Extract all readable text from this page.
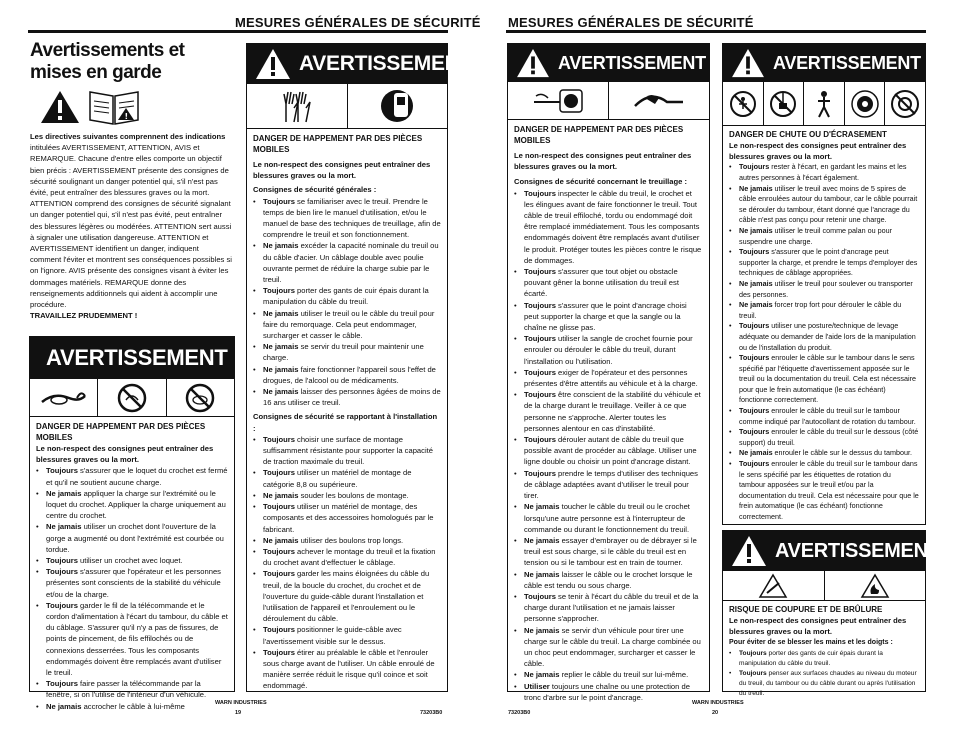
MESURES GÉNÉRALES DE SÉCURITÉ MESURES GÉNÉRALES DE SÉCURITÉ
Avertissements et mises en garde
!
Les directives suivantes comprennent des indications intitulées AVERTISSEMENT, ATTENTION, AVIS et REMARQUE. Chacune d'entre elles comporte un objectif bien précis : AVERTISSEMENT présente des consignes de sécurité soulignant un danger potentiel qui, s'il n'est pas évité, peut entraîner des blessures graves ou la mort. ATTENTION comprend des consignes de sécurité signalant un danger potentiel qui, s'il n'est pas évité, peut entraîner des blessures légères ou modérées. ATTENTION sert aussi à signaler une utilisation dangereuse. ATTENTION et AVERTISSEMENT identifient un danger, indiquent comment l'éviter et montrent ses conséquences possibles si on l'ignore. AVIS présente des consignes visant à éviter les dommages matériels. REMARQUE donne des renseignements additionnels qui aident à accomplir une procédure.
TRAVAILLEZ PRUDEMMENT !
AVERTISSEMENT
DANGER DE HAPPEMENT PAR DES PIÈCES MOBILES
Le non-respect des consignes peut entraîner des blessures graves ou la mort.
• Toujours s'assurer que le loquet du crochet est fermé et qu'il ne soutient aucune charge.
• Ne jamais appliquer la charge sur l'extrémité ou le loquet du crochet. Appliquer la charge uniquement au centre du crochet.
• Ne jamais utiliser un crochet dont l'ouverture de la gorge a augmenté ou dont l'extrémité est courbée ou tordue.
• Toujours utiliser un crochet avec loquet.
• Toujours s'assurer que l'opérateur et les personnes présentes sont conscients de la stabilité du véhicule et/ou de la charge.
• Toujours garder le fil de la télécommande et le cordon d'alimentation à l'écart du tambour, du câble et du câblage. S'assurer qu'il n'y a pas de fissures, de points de pincement, de fils effilochés ou de connexions desserrées. Tous les composants endommagés doivent être remplacés avant d'utiliser le treuil.
• Toujours faire passer la télécommande par la fenêtre, si on l'utilise de l'intérieur d'un véhicule.
• Ne jamais accrocher le câble à lui-même
AVERTISSEMENT
DANGER DE HAPPEMENT PAR DES PIÈCES MOBILES
Le non-respect des consignes peut entraîner des blessures graves ou la mort.
Consignes de sécurité générales :
• Toujours se familiariser avec le treuil. Prendre le temps de bien lire le manuel d'utilisation, et/ou le manuel de base des techniques de treuillage, afin de comprendre le treuil et son fonctionnement.
• Ne jamais excéder la capacité nominale du treuil ou du câble d'acier. Un câblage double avec poulie ouvrante permet de réduire la charge subie par le treuil.
• Toujours porter des gants de cuir épais durant la manipulation du câble du treuil.
• Ne jamais utiliser le treuil ou le câble du treuil pour faire du remorquage. Cela peut endommager, surcharger et casser le câble.
• Ne jamais se servir du treuil pour maintenir une charge.
• Ne jamais faire fonctionner l'appareil sous l'effet de drogues, de l'alcool ou de médicaments.
• Ne jamais laisser des personnes âgées de moins de 16 ans utiliser ce treuil.
Consignes de sécurité se rapportant à l'installation :
• Toujours choisir une surface de montage suffisamment résistante pour supporter la capacité de traction maximale du treuil.
• Toujours utiliser un matériel de montage de catégorie 8,8 ou supérieure.
• Ne jamais souder les boulons de montage.
• Toujours utiliser un matériel de montage, des composants et des accessoires homologués par le fabricant.
• Ne jamais utiliser des boulons trop longs.
• Toujours achever le montage du treuil et la fixation du crochet avant d'effectuer le câblage.
• Toujours garder les mains éloignées du câble du treuil, de la boucle du crochet, du crochet et de l'ouverture du guide-câble durant l'installation et l'utilisation de l'appareil et l'enroulement ou le déroulement du câble.
• Toujours positionner le guide-câble avec l'avertissement visible sur le dessus.
• Toujours étirer au préalable le câble et l'enrouler sous charge avant de l'utiliser. Un câble enroulé de manière serrée réduit le risque qu'il coince et soit endommagé.
WARN INDUSTRIES
19	73203B0
AVERTISSEMENT
DANGER DE HAPPEMENT PAR DES PIÈCES MOBILES
Le non-respect des consignes peut entraîner des blessures graves ou la mort.
Consignes de sécurité concernant le treuillage :
• Toujours inspecter le câble du treuil, le crochet et les élingues avant de faire fonctionner le treuil. Tout câble de treuil effiloché, tordu ou endommagé doit être remplacé immédiatement. Tous les composants endommagés doivent être remplacés avant d'utiliser le produit. Protéger toutes les pièces contre le risque de dommages.
• Toujours s'assurer que tout objet ou obstacle pouvant gêner la bonne utilisation du treuil est écarté.
• Toujours s'assurer que le point d'ancrage choisi peut supporter la charge et que la sangle ou la chaîne ne glisse pas.
• Toujours utiliser la sangle de crochet fournie pour enrouler ou dérouler le câble du treuil, durant l'installation ou l'utilisation.
• Toujours exiger de l'opérateur et des personnes présentes d'être attentifs au véhicule et à la charge.
• Toujours être conscient de la stabilité du véhicule et de la charge durant le treuillage. Veiller à ce que personne ne s'approche. Alerter toutes les personnes alentour en cas d'instabilité.
• Toujours dérouler autant de câble du treuil que possible avant de procéder au câblage. Utiliser une ligne double ou choisir un point d'ancrage distant.
• Toujours prendre le temps d'utiliser des techniques de câblage adaptées avant d'utiliser le treuil pour tirer.
• Ne jamais toucher le câble du treuil ou le crochet lorsqu'une autre personne est à l'interrupteur de commande ou durant le fonctionnement du treuil.
• Ne jamais essayer d'embrayer ou de débrayer si le treuil est sous charge, si le câble du treuil est en tension ou si le tambour est en train de tourner.
• Ne jamais laisser le câble ou le crochet lorsque le câble est tendu ou sous charge.
• Toujours se tenir à l'écart du câble du treuil et de la charge durant l'utilisation et ne jamais laisser personne s'approcher.
• Ne jamais se servir d'un véhicule pour tirer une charge sur le câble du treuil. La charge combinée ou un choc peut endommager, surcharger et casser le câble.
• Ne jamais replier le câble du treuil sur lui-même.
• Utiliser toujours une chaîne ou une protection de tronc d'arbre sur le point d'ancrage.
AVERTISSEMENT
DANGER DE CHUTE OU D'ÉCRASEMENT
Le non-respect des consignes peut entraîner des blessures graves ou la mort.
• Toujours rester à l'écart, en gardant les mains et les autres personnes à l'écart également.
• Ne jamais utiliser le treuil avec moins de 5 spires de câble enroulées autour du tambour, car le câble pourrait se dérouler du tambour, étant donné que l'ancrage du câble n'est pas conçu pour retenir une charge.
• Ne jamais utiliser le treuil comme palan ou pour suspendre une charge.
• Toujours s'assurer que le point d'ancrage peut supporter la charge, et prendre le temps d'employer des techniques de câblage appropriées.
• Ne jamais utiliser le treuil pour soulever ou transporter des personnes.
• Ne jamais forcer trop fort pour dérouler le câble du treuil.
• Toujours utiliser une posture/technique de levage adéquate ou demander de l'aide lors de la manipulation ou de l'installation du produit.
• Toujours enrouler le câble sur le tambour dans le sens spécifié par l'étiquette d'avertissement apposée sur le treuil ou la documentation du treuil. Cela est nécessaire pour que le frein automatique (le cas échéant) fonctionne correctement.
• Toujours enrouler le câble du treuil sur le tambour comme indiqué par l'autocollant de rotation du tambour.
• Toujours enrouler le câble du treuil sur le dessous (côté support) du treuil.
• Ne jamais enrouler le câble sur le dessus du tambour.
• Toujours enrouler le câble du treuil sur le tambour dans le sens spécifié par les étiquettes de rotation du tambour apposées sur le treuil et/ou par la documentation du treuil. Cela est nécessaire pour que le frein automatique (le cas échéant) fonctionne correctement.
AVERTISSEMENT
RISQUE DE COUPURE ET DE BRÛLURE
Le non-respect des consignes peut entraîner des blessures graves ou la mort.
Pour éviter de se blesser les mains et les doigts :
• Toujours porter des gants de cuir épais durant la manipulation du câble du treuil.
• Toujours penser aux surfaces chaudes au niveau du moteur du treuil, du tambour ou du câble durant ou après l'utilisation du treuil.
73203B0
WARN INDUSTRIES
20
